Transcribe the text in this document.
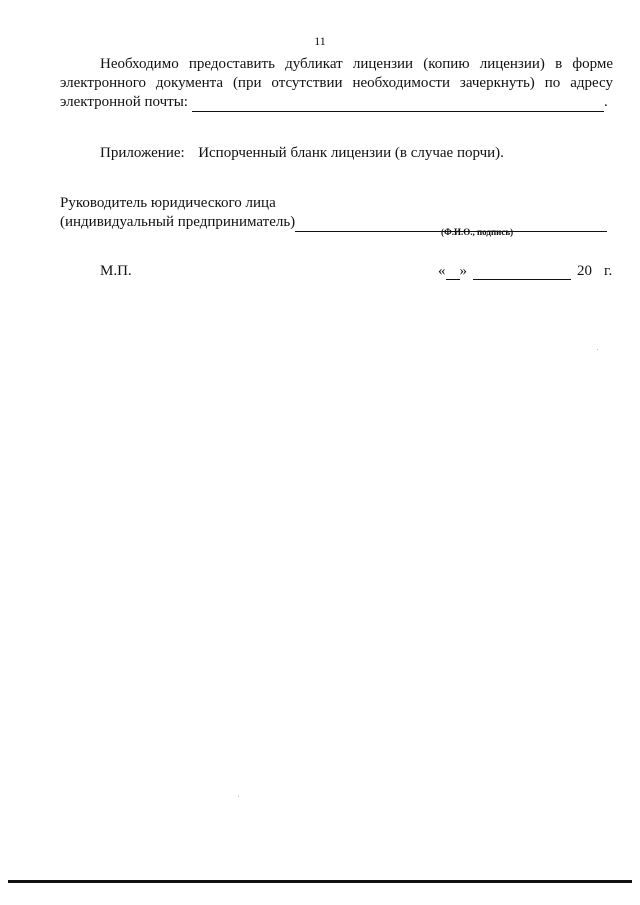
11
Необходимо предоставить дубликат лицензии (копию лицензии) в форме
электронного документа (при отсутствии необходимости зачеркнуть) по адресу
электронной почты:	.
Приложение: Испорченный бланк лицензии (в случае порчи).
Руководитель юридического лица
(индивидуальный предприниматель)
(Ф.И.О., подпись)
М.П.	« »	20 г.
